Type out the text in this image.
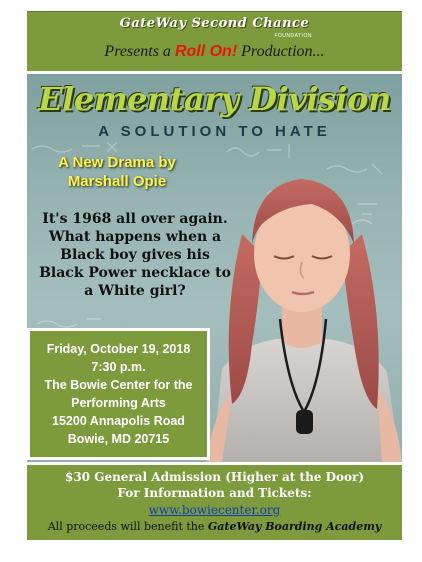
GateWay Second Chance
FOUNDATION
Presents a Roll On! Production...
Elementary Division
A SOLUTION TO HATE
A New Drama by
Marshall Opie
It's 1968 all over again.
What happens when a
Black boy gives his
Black Power necklace to
a White girl?
Friday, October 19, 2018
7:30 p.m.
The Bowie Center for the
Performing Arts
15200 Annapolis Road
Bowie, MD 20715
$30 General Admission (Higher at the Door)
For Information and Tickets:
www.bowiecenter.org
All proceeds will benefit the GateWay Boarding Academy
